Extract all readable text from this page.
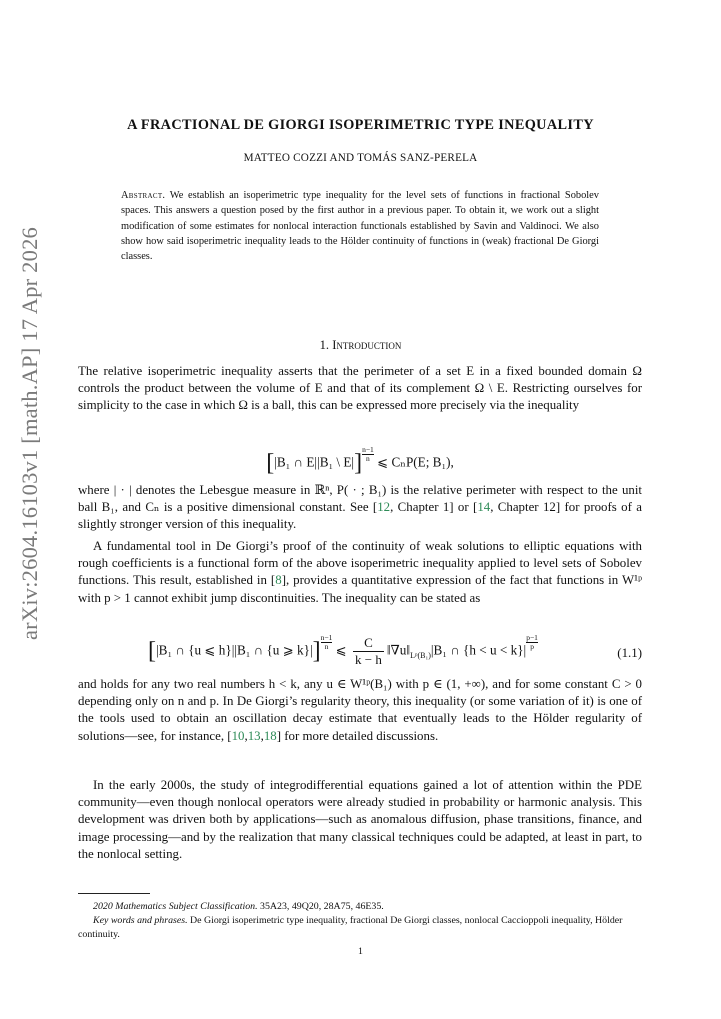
arXiv:2604.16103v1 [math.AP] 17 Apr 2026
A FRACTIONAL DE GIORGI ISOPERIMETRIC TYPE INEQUALITY
MATTEO COZZI AND TOMÁS SANZ-PERELA
Abstract. We establish an isoperimetric type inequality for the level sets of functions in fractional Sobolev spaces. This answers a question posed by the first author in a previous paper. To obtain it, we work out a slight modification of some estimates for nonlocal interaction functionals established by Savin and Valdinoci. We also show how said isoperimetric inequality leads to the Hölder continuity of functions in (weak) fractional De Giorgi classes.
1. Introduction
The relative isoperimetric inequality asserts that the perimeter of a set E in a fixed bounded domain Ω controls the product between the volume of E and that of its complement Ω \ E. Restricting ourselves for simplicity to the case in which Ω is a ball, this can be expressed more precisely via the inequality
[|B₁ ∩ E||B₁ \ $E|] \frac{n-1}{n}$ ⩽ CₙP(E; B₁),
where | · | denotes the Lebesgue measure in ℝⁿ, P( · ; B₁) is the relative perimeter with respect to the unit ball B₁, and Cₙ is a positive dimensional constant. See [12, Chapter 1] or [14, Chapter 12] for proofs of a slightly stronger version of this inequality.
A fundamental tool in De Giorgi’s proof of the continuity of weak solutions to elliptic equations with rough coefficients is a functional form of the above isoperimetric inequality applied to level sets of Sobolev functions. This result, established in [8], provides a quantitative expression of the fact that functions in W¹ᵖ with p > 1 cannot exhibit jump discontinuities. The inequality can be stated as
[|B₁ ∩ {u ⩽ h}||B₁ ∩ {u ⩾ $k\}|] \frac{n-1}{n}$ ⩽ $\frac{C}{k - h}$ $‖\nabla u‖_{Lᵖ(B_1)}|B_1$ ∩ $\{h < u < k\}| \frac{p-1}{p}$
(1.1)
and holds for any two real numbers h < k, any u ∈ W¹ᵖ(B₁) with p ∈ (1, +∞), and for some constant C > 0 depending only on n and p. In De Giorgi’s regularity theory, this inequality (or some variation of it) is one of the tools used to obtain an oscillation decay estimate that eventually leads to the Hölder regularity of solutions—see, for instance, [10,13,18] for more detailed discussions.
In the early 2000s, the study of integrodifferential equations gained a lot of attention within the PDE community—even though nonlocal operators were already studied in probability or harmonic analysis. This development was driven both by applications—such as anomalous diffusion, phase transitions, finance, and image processing—and by the realization that many classical techniques could be adapted, at least in part, to the nonlocal setting.
2020 Mathematics Subject Classification. 35A23, 49Q20, 28A75, 46E35.
Key words and phrases. De Giorgi isoperimetric type inequality, fractional De Giorgi classes, nonlocal Caccioppoli inequality, Hölder continuity.
1
